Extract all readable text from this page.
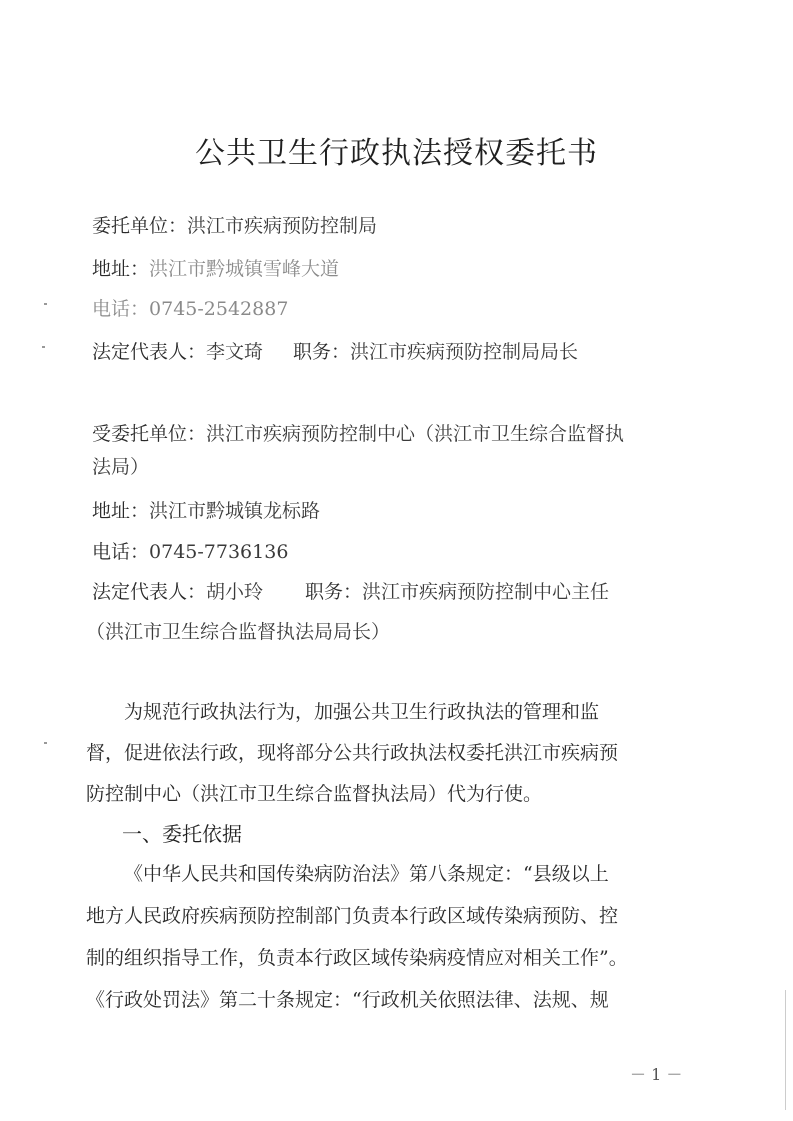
公共卫生行政执法授权委托书
委托单位：洪江市疾病预防控制局
地址：洪江市黔城镇雪峰大道
电话：0745-2542887
法定代表人：李文琦 职务：洪江市疾病预防控制局局长
受委托单位：洪江市疾病预防控制中心（洪江市卫生综合监督执
法局）
地址：洪江市黔城镇龙标路
电话：0745-7736136
法定代表人：胡小玲 职务：洪江市疾病预防控制中心主任
（洪江市卫生综合监督执法局局长）
为规范行政执法行为，加强公共卫生行政执法的管理和监
督，促进依法行政，现将部分公共行政执法权委托洪江市疾病预
防控制中心（洪江市卫生综合监督执法局）代为行使。
一、委托依据
《中华人民共和国传染病防治法》第八条规定：“县级以上
地方人民政府疾病预防控制部门负责本行政区域传染病预防、控
制的组织指导工作，负责本行政区域传染病疫情应对相关工作”。
《行政处罚法》第二十条规定：“行政机关依照法律、法规、规
－ 1 －
